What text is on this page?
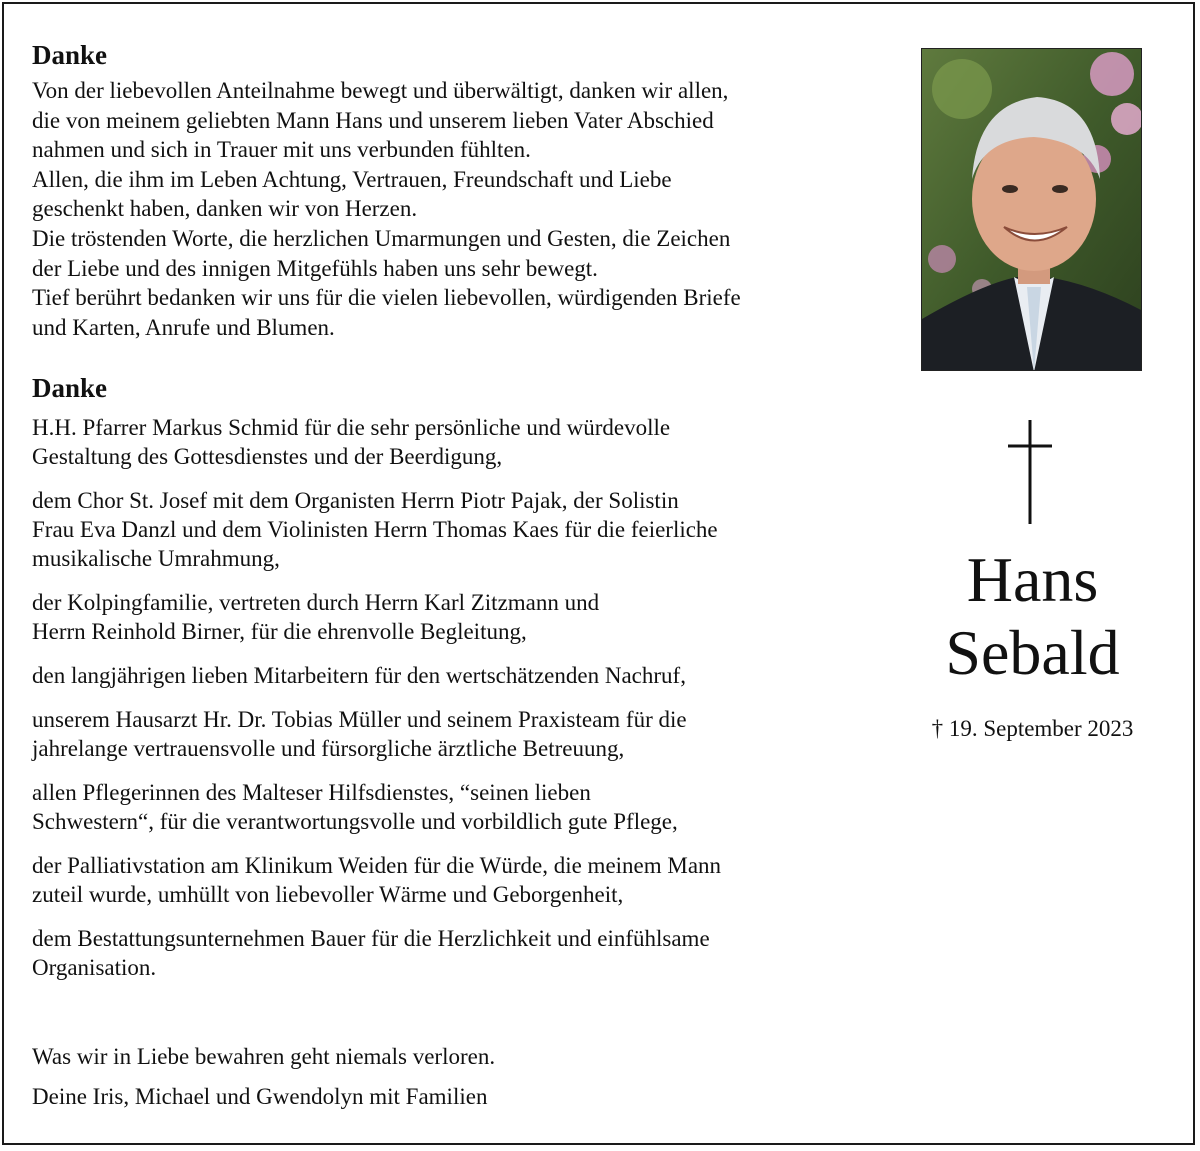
Danke

Von der liebevollen Anteilnahme bewegt und überwältigt, danken wir allen,
die von meinem geliebten Mann Hans und unserem lieben Vater Abschied
nahmen und sich in Trauer mit uns verbunden fühlten.
Allen, die ihm im Leben Achtung, Vertrauen, Freundschaft und Liebe
geschenkt haben, danken wir von Herzen.
Die tröstenden Worte, die herzlichen Umarmungen und Gesten, die Zeichen
der Liebe und des innigen Mitgefühls haben uns sehr bewegt.
Tief berührt bedanken wir uns für die vielen liebevollen, würdigenden Briefe
und Karten, Anrufe und Blumen.

Danke
H.H. Pfarrer Markus Schmid für die sehr persönliche und würdevolle
Gestaltung des Gottesdienstes und der Beerdigung,
dem Chor St. Josef mit dem Organisten Herrn Piotr Pajak, der Solistin
Frau Eva Danzl und dem Violinisten Herrn Thomas Kaes für die feierliche
musikalische Umrahmung,
der Kolpingfamilie, vertreten durch Herrn Karl Zitzmann und
Herrn Reinhold Birner, für die ehrenvolle Begleitung,
den langjährigen lieben Mitarbeitern für den wertschätzenden Nachruf,
unserem Hausarzt Hr. Dr. Tobias Müller und seinem Praxisteam für die
jahrelange vertrauensvolle und fürsorgliche ärztliche Betreuung,
allen Pflegerinnen des Malteser Hilfsdienstes, “seinen lieben
Schwestern“, für die verantwortungsvolle und vorbildlich gute Pflege,
der Palliativstation am Klinikum Weiden für die Würde, die meinem Mann
zuteil wurde, umhüllt von liebevoller Wärme und Geborgenheit,
dem Bestattungsunternehmen Bauer für die Herzlichkeit und einfühlsame
Organisation.
Was wir in Liebe bewahren geht niemals verloren.
Deine Iris, Michael und Gwendolyn mit Familien
Hans
Sebald
† 19. September 2023
